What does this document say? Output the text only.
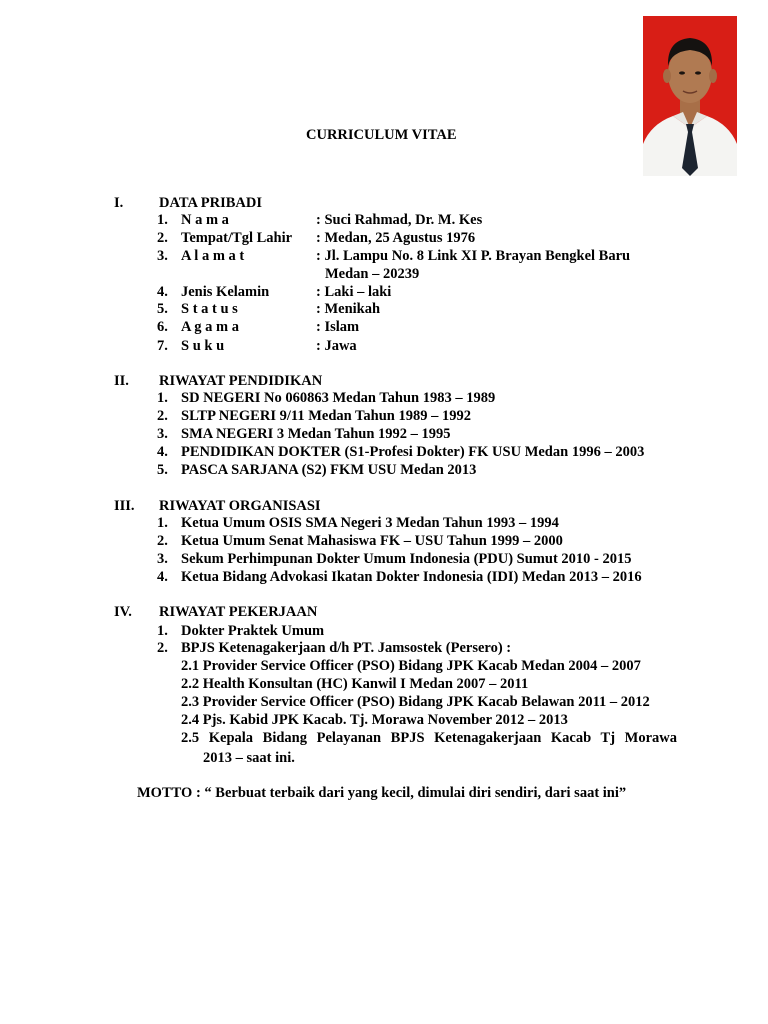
CURRICULUM VITAE
I. DATA PRIBADI
1. N a m a	: Suci Rahmad, Dr. M. Kes
2. Tempat/Tgl Lahir : Medan, 25 Agustus 1976
3. A l a m a t	: Jl. Lampu No. 8 Link XI P. Brayan Bengkel Baru
Medan – 20239
4. Jenis Kelamin	: Laki – laki
5. S t a t u s	: Menikah
6. A g a m a	: Islam
7. S u k u	: Jawa
II. RIWAYAT PENDIDIKAN
1. SD NEGERI No 060863 Medan Tahun 1983 – 1989
2. SLTP NEGERI 9/11 Medan Tahun 1989 – 1992
3. SMA NEGERI 3 Medan Tahun 1992 – 1995
4. PENDIDIKAN DOKTER (S1-Profesi Dokter) FK USU Medan 1996 – 2003
5. PASCA SARJANA (S2) FKM USU Medan 2013
III. RIWAYAT ORGANISASI
1. Ketua Umum OSIS SMA Negeri 3 Medan Tahun 1993 – 1994
2. Ketua Umum Senat Mahasiswa FK – USU Tahun 1999 – 2000
3. Sekum Perhimpunan Dokter Umum Indonesia (PDU) Sumut 2010 - 2015
4. Ketua Bidang Advokasi Ikatan Dokter Indonesia (IDI) Medan 2013 – 2016
IV. RIWAYAT PEKERJAAN
1. Dokter Praktek Umum
2. BPJS Ketenagakerjaan d/h PT. Jamsostek (Persero) :
2.1 Provider Service Officer (PSO) Bidang JPK Kacab Medan 2004 – 2007
2.2 Health Konsultan (HC) Kanwil I Medan 2007 – 2011
2.3 Provider Service Officer (PSO) Bidang JPK Kacab Belawan 2011 – 2012
2.4 Pjs. Kabid JPK Kacab. Tj. Morawa November 2012 – 2013
2.5 Kepala Bidang Pelayanan BPJS Ketenagakerjaan Kacab Tj Morawa
2013 – saat ini.
MOTTO : “ Berbuat terbaik dari yang kecil, dimulai diri sendiri, dari saat ini”
